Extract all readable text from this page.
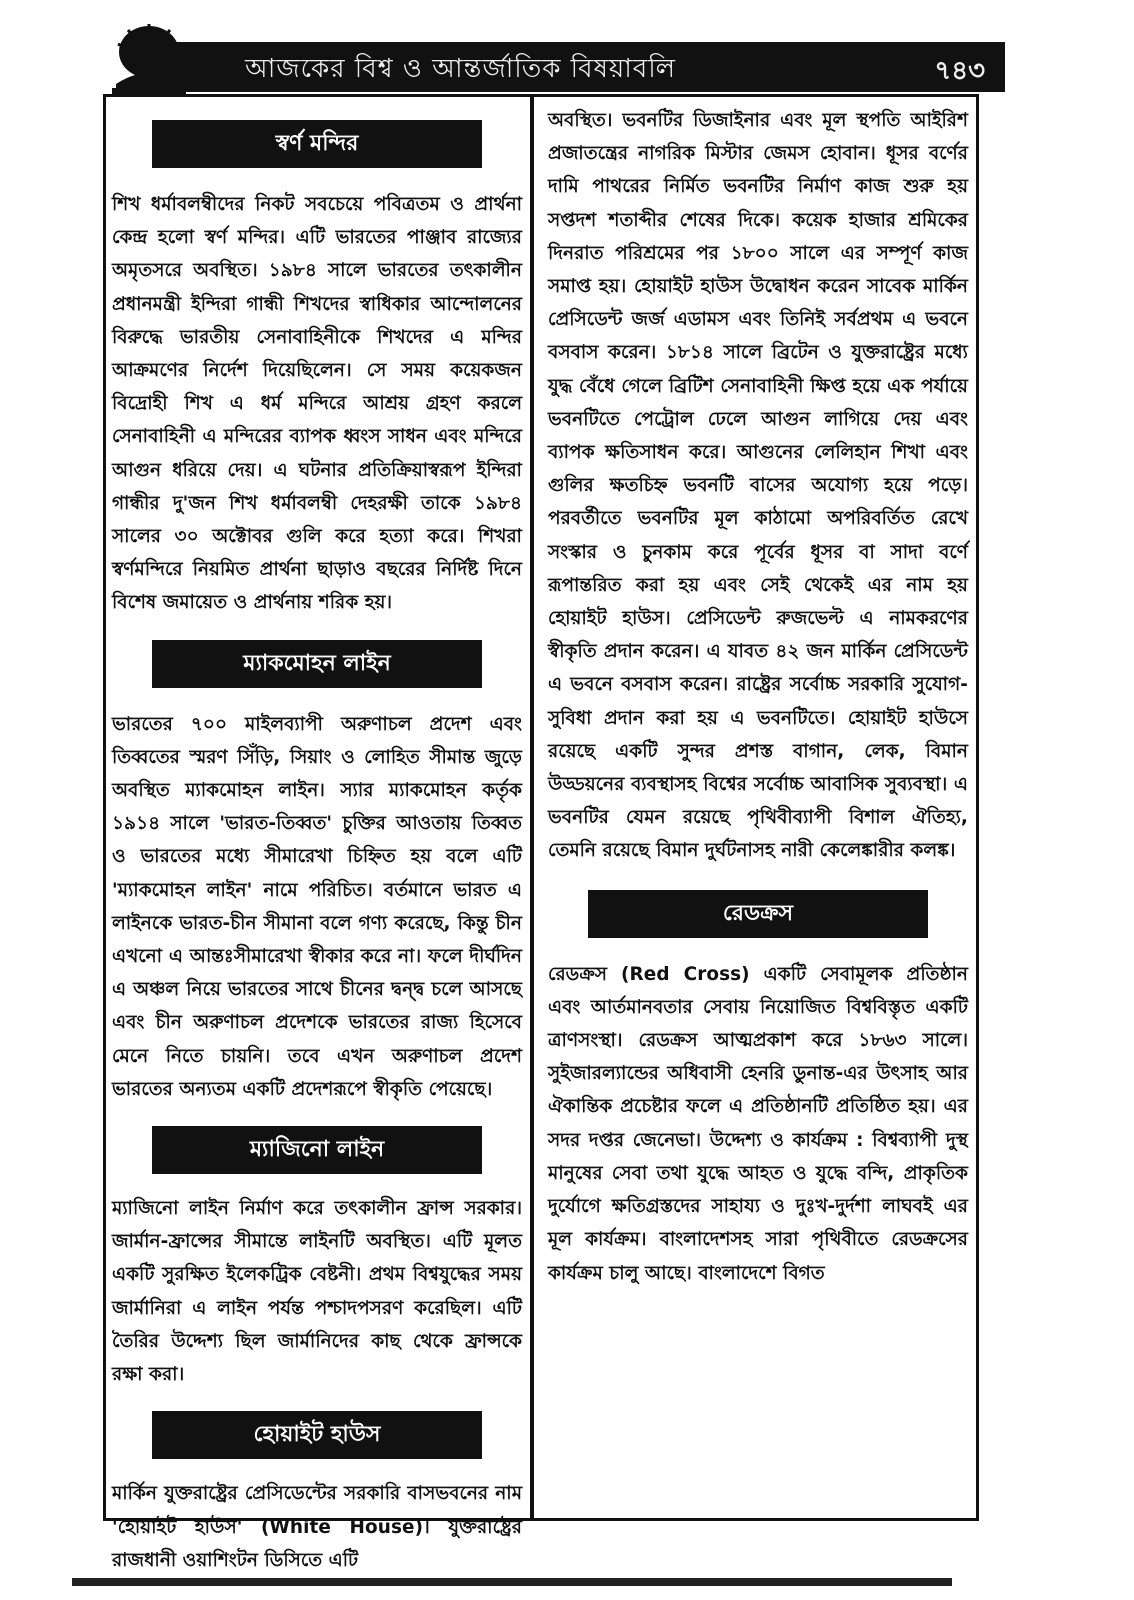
আজকের বিশ্ব ও আন্তর্জাতিক বিষয়াবলি	৭৪৩
স্বর্ণ মন্দির

শিখ ধর্মাবলম্বীদের নিকট সবচেয়ে পবিত্রতম ও প্রার্থনা কেন্দ্র হলো স্বর্ণ মন্দির। এটি ভারতের পাঞ্জাব রাজ্যের অমৃতসরে অবস্থিত। ১৯৮৪ সালে ভারতের তৎকালীন প্রধানমন্ত্রী ইন্দিরা গান্ধী শিখদের স্বাধিকার আন্দোলনের বিরুদ্ধে ভারতীয় সেনাবাহিনীকে শিখদের এ মন্দির আক্রমণের নির্দেশ দিয়েছিলেন। সে সময় কয়েকজন বিদ্রোহী শিখ এ ধর্ম মন্দিরে আশ্রয় গ্রহণ করলে সেনাবাহিনী এ মন্দিরের ব্যাপক ধ্বংস সাধন এবং মন্দিরে আগুন ধরিয়ে দেয়। এ ঘটনার প্রতিক্রিয়াস্বরূপ ইন্দিরা গান্ধীর দু'জন শিখ ধর্মাবলম্বী দেহরক্ষী তাকে ১৯৮৪ সালের ৩০ অক্টোবর গুলি করে হত্যা করে। শিখরা স্বর্ণমন্দিরে নিয়মিত প্রার্থনা ছাড়াও বছরের নির্দিষ্ট দিনে বিশেষ জমায়েত ও প্রার্থনায় শরিক হয়।

ম্যাকমোহন লাইন

ভারতের ৭০০ মাইলব্যাপী অরুণাচল প্রদেশ এবং তিব্বতের স্মরণ সিঁড়ি, সিয়াং ও লোহিত সীমান্ত জুড়ে অবস্থিত ম্যাকমোহন লাইন। স্যার ম্যাকমোহন কর্তৃক ১৯১৪ সালে 'ভারত-তিব্বত' চুক্তির আওতায় তিব্বত ও ভারতের মধ্যে সীমারেখা চিহ্নিত হয় বলে এটি 'ম্যাকমোহন লাইন' নামে পরিচিত। বর্তমানে ভারত এ লাইনকে ভারত-চীন সীমানা বলে গণ্য করেছে, কিন্তু চীন এখনো এ আন্তঃসীমারেখা স্বীকার করে না। ফলে দীর্ঘদিন এ অঞ্চল নিয়ে ভারতের সাথে চীনের দ্বন্দ্ব চলে আসছে এবং চীন অরুণাচল প্রদেশকে ভারতের রাজ্য হিসেবে মেনে নিতে চায়নি। তবে এখন অরুণাচল প্রদেশ ভারতের অন্যতম একটি প্রদেশরূপে স্বীকৃতি পেয়েছে।

ম্যাজিনো লাইন

ম্যাজিনো লাইন নির্মাণ করে তৎকালীন ফ্রান্স সরকার। জার্মান-ফ্রান্সের সীমান্তে লাইনটি অবস্থিত। এটি মূলত একটি সুরক্ষিত ইলেকট্রিক বেষ্টনী। প্রথম বিশ্বযুদ্ধের সময় জার্মানিরা এ লাইন পর্যন্ত পশ্চাদপসরণ করেছিল। এটি তৈরির উদ্দেশ্য ছিল জার্মানিদের কাছ থেকে ফ্রান্সকে রক্ষা করা।

হোয়াইট হাউস

মার্কিন যুক্তরাষ্ট্রের প্রেসিডেন্টের সরকারি বাসভবনের নাম 'হোয়াইট হাউস' (White House)। যুক্তরাষ্ট্রের রাজধানী ওয়াশিংটন ডিসিতে এটি

অবস্থিত। ভবনটির ডিজাইনার এবং মূল স্থপতি আইরিশ প্রজাতন্ত্রের নাগরিক মিস্টার জেমস হোবান। ধূসর বর্ণের দামি পাথরের নির্মিত ভবনটির নির্মাণ কাজ শুরু হয় সপ্তদশ শতাব্দীর শেষের দিকে। কয়েক হাজার শ্রমিকের দিনরাত পরিশ্রমের পর ১৮০০ সালে এর সম্পূর্ণ কাজ সমাপ্ত হয়। হোয়াইট হাউস উদ্বোধন করেন সাবেক মার্কিন প্রেসিডেন্ট জর্জ এডামস এবং তিনিই সর্বপ্রথম এ ভবনে বসবাস করেন। ১৮১৪ সালে ব্রিটেন ও যুক্তরাষ্ট্রের মধ্যে যুদ্ধ বেঁধে গেলে ব্রিটিশ সেনাবাহিনী ক্ষিপ্ত হয়ে এক পর্যায়ে ভবনটিতে পেট্রোল ঢেলে আগুন লাগিয়ে দেয় এবং ব্যাপক ক্ষতিসাধন করে। আগুনের লেলিহান শিখা এবং গুলির ক্ষতচিহ্ন ভবনটি বাসের অযোগ্য হয়ে পড়ে। পরবর্তীতে ভবনটির মূল কাঠামো অপরিবর্তিত রেখে সংস্কার ও চুনকাম করে পূর্বের ধূসর বা সাদা বর্ণে রূপান্তরিত করা হয় এবং সেই থেকেই এর নাম হয় হোয়াইট হাউস। প্রেসিডেন্ট রুজভেল্ট এ নামকরণের স্বীকৃতি প্রদান করেন। এ যাবত ৪২ জন মার্কিন প্রেসিডেন্ট এ ভবনে বসবাস করেন। রাষ্ট্রের সর্বোচ্চ সরকারি সুযোগ-সুবিধা প্রদান করা হয় এ ভবনটিতে। হোয়াইট হাউসে রয়েছে একটি সুন্দর প্রশস্ত বাগান, লেক, বিমান উড্ডয়নের ব্যবস্থাসহ বিশ্বের সর্বোচ্চ আবাসিক সুব্যবস্থা। এ ভবনটির যেমন রয়েছে পৃথিবীব্যাপী বিশাল ঐতিহ্য, তেমনি রয়েছে বিমান দুর্ঘটনাসহ নারী কেলেঙ্কারীর কলঙ্ক।

রেডক্রস

রেডক্রস (Red Cross) একটি সেবামূলক প্রতিষ্ঠান এবং আর্তমানবতার সেবায় নিয়োজিত বিশ্ববিস্তৃত একটি ত্রাণসংস্থা। রেডক্রস আত্মপ্রকাশ করে ১৮৬৩ সালে। সুইজারল্যান্ডের অধিবাসী হেনরি ডুনান্ত-এর উৎসাহ আর ঐকান্তিক প্রচেষ্টার ফলে এ প্রতিষ্ঠানটি প্রতিষ্ঠিত হয়। এর সদর দপ্তর জেনেভা। উদ্দেশ্য ও কার্যক্রম : বিশ্বব্যাপী দুস্থ মানুষের সেবা তথা যুদ্ধে আহত ও যুদ্ধে বন্দি, প্রাকৃতিক দুর্যোগে ক্ষতিগ্রস্তদের সাহায্য ও দুঃখ-দুর্দশা লাঘবই এর মূল কার্যক্রম। বাংলাদেশসহ সারা পৃথিবীতে রেডক্রসের কার্যক্রম চালু আছে। বাংলাদেশে বিগত
